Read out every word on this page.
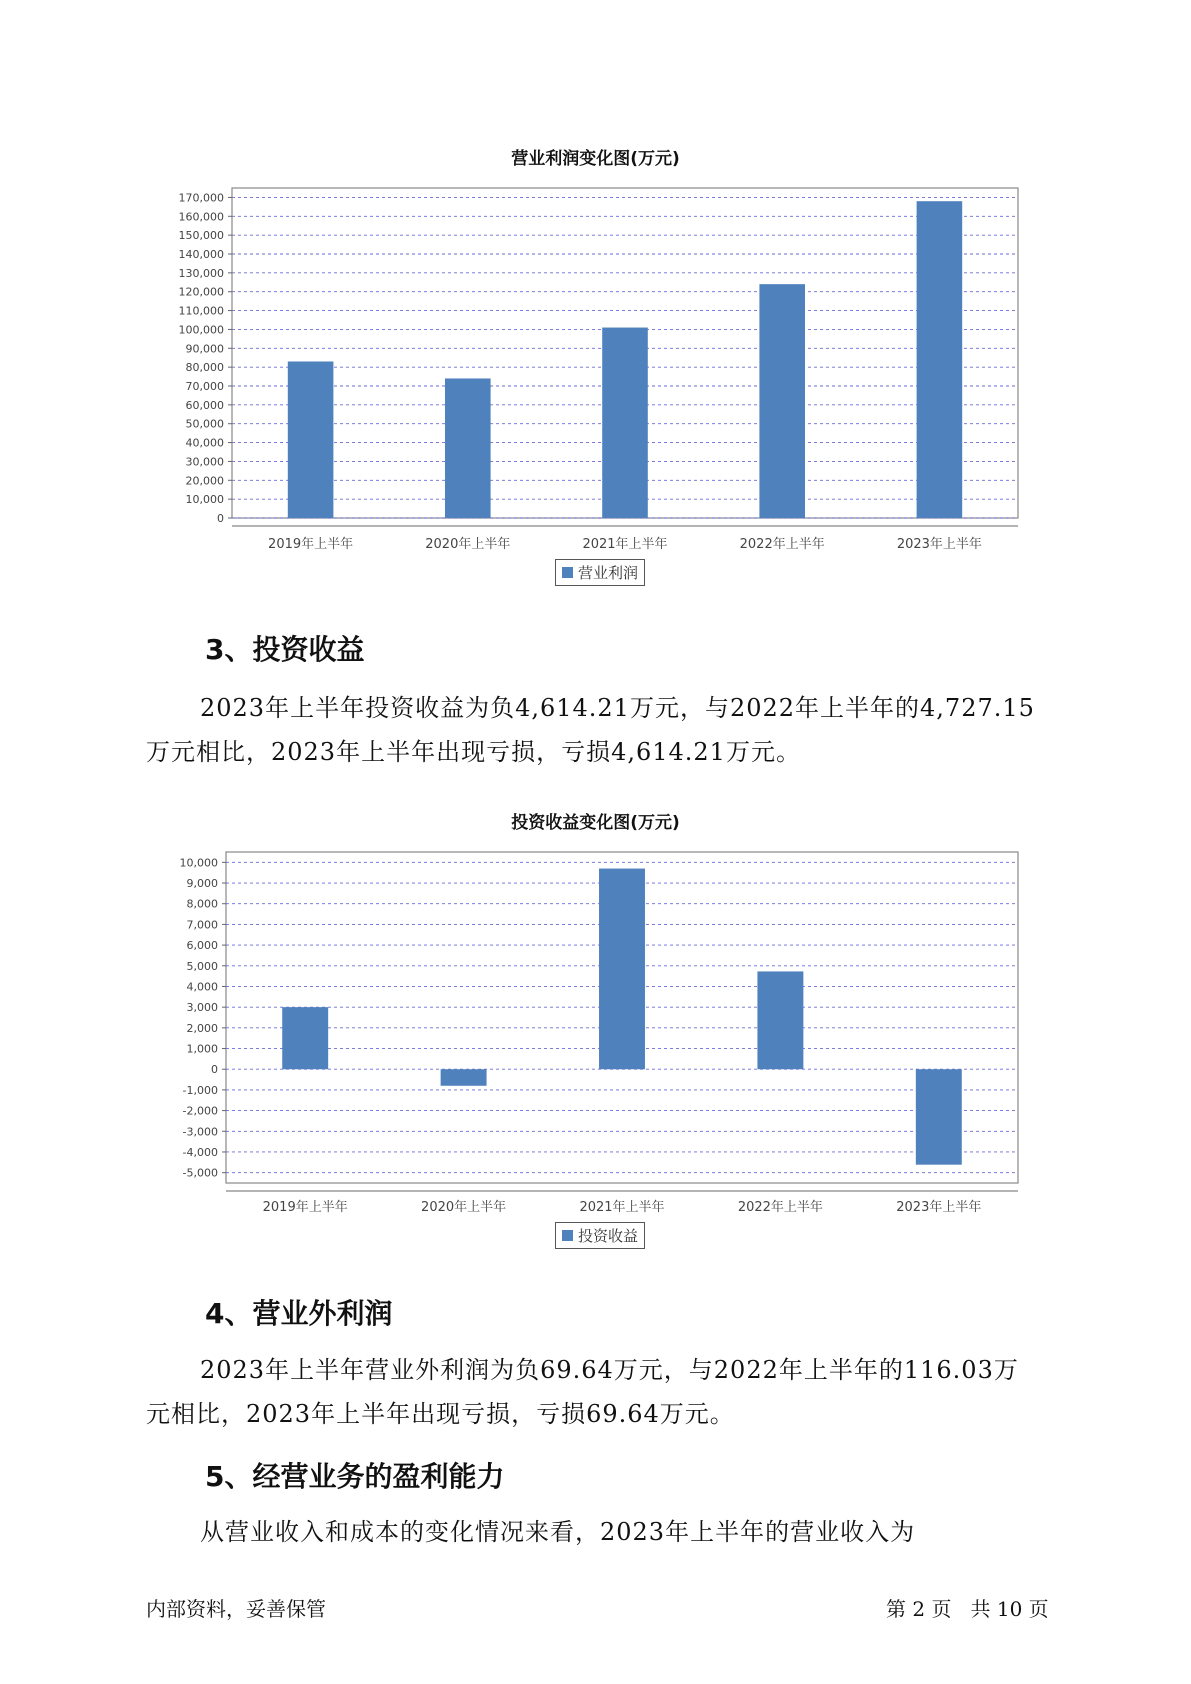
营业利润变化图(万元)
0
10,000
20,000
30,000
40,000
50,000
60,000
70,000
80,000
90,000
100,000
110,000
120,000
130,000
140,000
150,000
160,000
170,000
2019年上半年	2020年上半年	2021年上半年	2022年上半年	2023年上半年
营业利润
3、投资收益

2023年上半年投资收益为负4,614.21万元，与2022年上半年的4,727.15
万元相比，2023年上半年出现亏损，亏损4,614.21万元。

投资收益变化图(万元)
-5,000
-4,000
-3,000
-2,000
-1,000
0
1,000
2,000
3,000
4,000
5,000
6,000
7,000
8,000
9,000
10,000
2019年上半年	2020年上半年	2021年上半年	2022年上半年	2023年上半年
投资收益
4、营业外利润

2023年上半年营业外利润为负69.64万元，与2022年上半年的116.03万
元相比，2023年上半年出现亏损，亏损69.64万元。

5、经营业务的盈利能力

从营业收入和成本的变化情况来看，2023年上半年的营业收入为

内部资料，妥善保管	第 2 页   共 10 页
